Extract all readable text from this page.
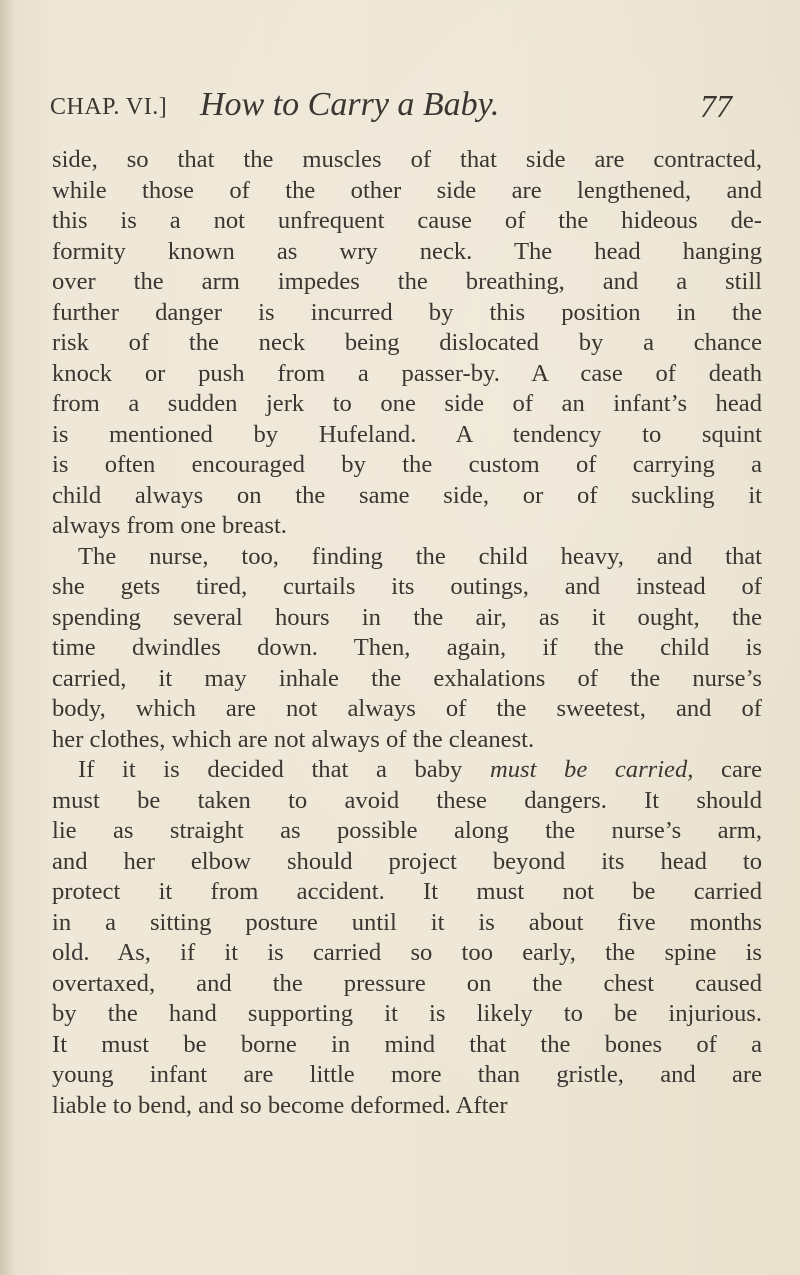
CHAP. VI.] How to Carry a Baby.	77
side, so that the muscles of that side are contracted,
while those of the other side are lengthened, and
this is a not unfrequent cause of the hideous de-
formity known as wry neck. The head hanging
over the arm impedes the breathing, and a still
further danger is incurred by this position in the
risk of the neck being dislocated by a chance
knock or push from a passer-by. A case of death
from a sudden jerk to one side of an infant’s head
is mentioned by Hufeland. A tendency to squint
is often encouraged by the custom of carrying a
child always on the same side, or of suckling it
always from one breast.
The nurse, too, finding the child heavy, and that
she gets tired, curtails its outings, and instead of
spending several hours in the air, as it ought, the
time dwindles down. Then, again, if the child is
carried, it may inhale the exhalations of the nurse’s
body, which are not always of the sweetest, and of
her clothes, which are not always of the cleanest.
If it is decided that a baby must be carried, care
must be taken to avoid these dangers. It should
lie as straight as possible along the nurse’s arm,
and her elbow should project beyond its head to
protect it from accident. It must not be carried
in a sitting posture until it is about five months
old. As, if it is carried so too early, the spine is
overtaxed, and the pressure on the chest caused
by the hand supporting it is likely to be injurious.
It must be borne in mind that the bones of a
young infant are little more than gristle, and are
liable to bend, and so become deformed. After
